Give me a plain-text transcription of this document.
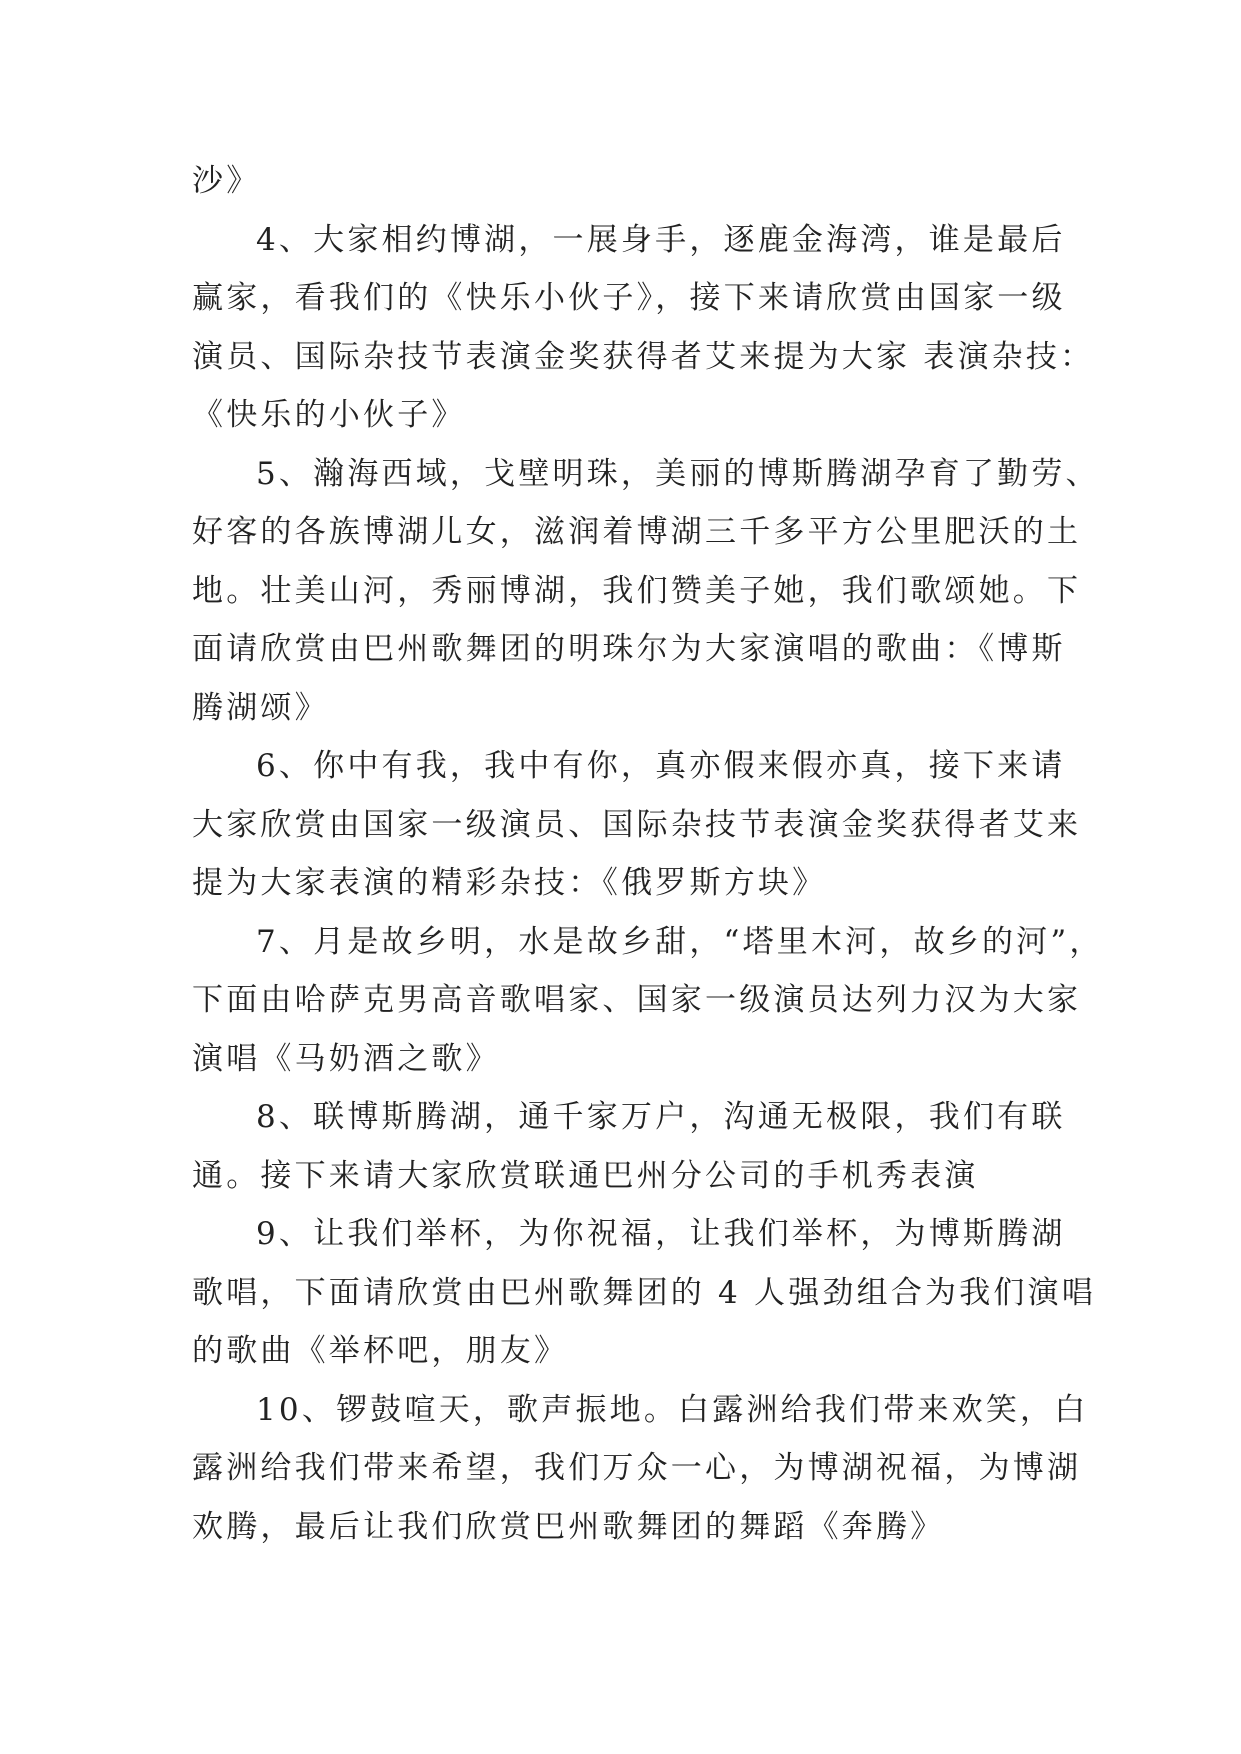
沙》
4、大家相约博湖，一展身手，逐鹿金海湾，谁是最后
赢家，看我们的《快乐小伙子》，接下来请欣赏由国家一级
演员、国际杂技节表演金奖获得者艾来提为大家 表演杂技：
《快乐的小伙子》
5、瀚海西域，戈壁明珠，美丽的博斯腾湖孕育了勤劳、
好客的各族博湖儿女，滋润着博湖三千多平方公里肥沃的土
地。壮美山河，秀丽博湖，我们赞美子她，我们歌颂她。下
面请欣赏由巴州歌舞团的明珠尔为大家演唱的歌曲：《博斯
腾湖颂》
6、你中有我，我中有你，真亦假来假亦真，接下来请
大家欣赏由国家一级演员、国际杂技节表演金奖获得者艾来
提为大家表演的精彩杂技：《俄罗斯方块》
7、月是故乡明，水是故乡甜，“塔里木河，故乡的河”，
下面由哈萨克男高音歌唱家、国家一级演员达列力汉为大家
演唱《马奶酒之歌》
8、联博斯腾湖，通千家万户，沟通无极限，我们有联
通。接下来请大家欣赏联通巴州分公司的手机秀表演
9、让我们举杯，为你祝福，让我们举杯，为博斯腾湖
歌唱，下面请欣赏由巴州歌舞团的 4 人强劲组合为我们演唱
的歌曲《举杯吧，朋友》
10、锣鼓喧天，歌声振地。白露洲给我们带来欢笑，白
露洲给我们带来希望，我们万众一心，为博湖祝福，为博湖
欢腾，最后让我们欣赏巴州歌舞团的舞蹈《奔腾》
